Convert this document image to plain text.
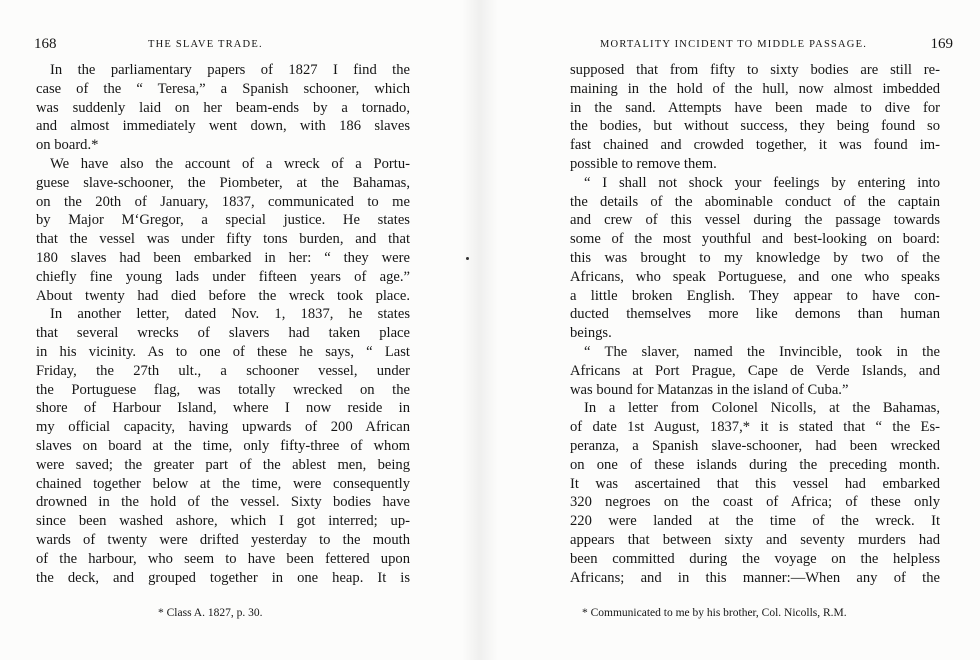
168	THE SLAVE TRADE.
In the parliamentary papers of 1827 I find the
case of the “ Teresa,” a Spanish schooner, which
was suddenly laid on her beam-ends by a tornado,
and almost immediately went down, with 186 slaves
on board.*
We have also the account of a wreck of a Portu-
guese slave-schooner, the Piombeter, at the Bahamas,
on the 20th of January, 1837, communicated to me
by Major M‘Gregor, a special justice. He states
that the vessel was under fifty tons burden, and that
180 slaves had been embarked in her: “ they were
chiefly fine young lads under fifteen years of age.”
About twenty had died before the wreck took place.
In another letter, dated Nov. 1, 1837, he states
that several wrecks of slavers had taken place
in his vicinity. As to one of these he says, “ Last
Friday, the 27th ult., a schooner vessel, under
the Portuguese flag, was totally wrecked on the
shore of Harbour Island, where I now reside in
my official capacity, having upwards of 200 African
slaves on board at the time, only fifty-three of whom
were saved; the greater part of the ablest men, being
chained together below at the time, were consequently
drowned in the hold of the vessel. Sixty bodies have
since been washed ashore, which I got interred; up-
wards of twenty were drifted yesterday to the mouth
of the harbour, who seem to have been fettered upon
the deck, and grouped together in one heap. It is
MORTALITY INCIDENT TO MIDDLE PASSAGE.	169
supposed that from fifty to sixty bodies are still re-
maining in the hold of the hull, now almost imbedded
in the sand. Attempts have been made to dive for
the bodies, but without success, they being found so
fast chained and crowded together, it was found im-
possible to remove them.
“ I shall not shock your feelings by entering into
the details of the abominable conduct of the captain
and crew of this vessel during the passage towards
some of the most youthful and best-looking on board:
this was brought to my knowledge by two of the
Africans, who speak Portuguese, and one who speaks
a little broken English. They appear to have con-
ducted themselves more like demons than human
beings.
“ The slaver, named the Invincible, took in the
Africans at Port Prague, Cape de Verde Islands, and
was bound for Matanzas in the island of Cuba.”
In a letter from Colonel Nicolls, at the Bahamas,
of date 1st August, 1837,* it is stated that “ the Es-
peranza, a Spanish slave-schooner, had been wrecked
on one of these islands during the preceding month.
It was ascertained that this vessel had embarked
320 negroes on the coast of Africa; of these only
220 were landed at the time of the wreck. It
appears that between sixty and seventy murders had
been committed during the voyage on the helpless
Africans; and in this manner:—When any of the
* Class A. 1827, p. 30.	* Communicated to me by his brother, Col. Nicolls, R.M.
